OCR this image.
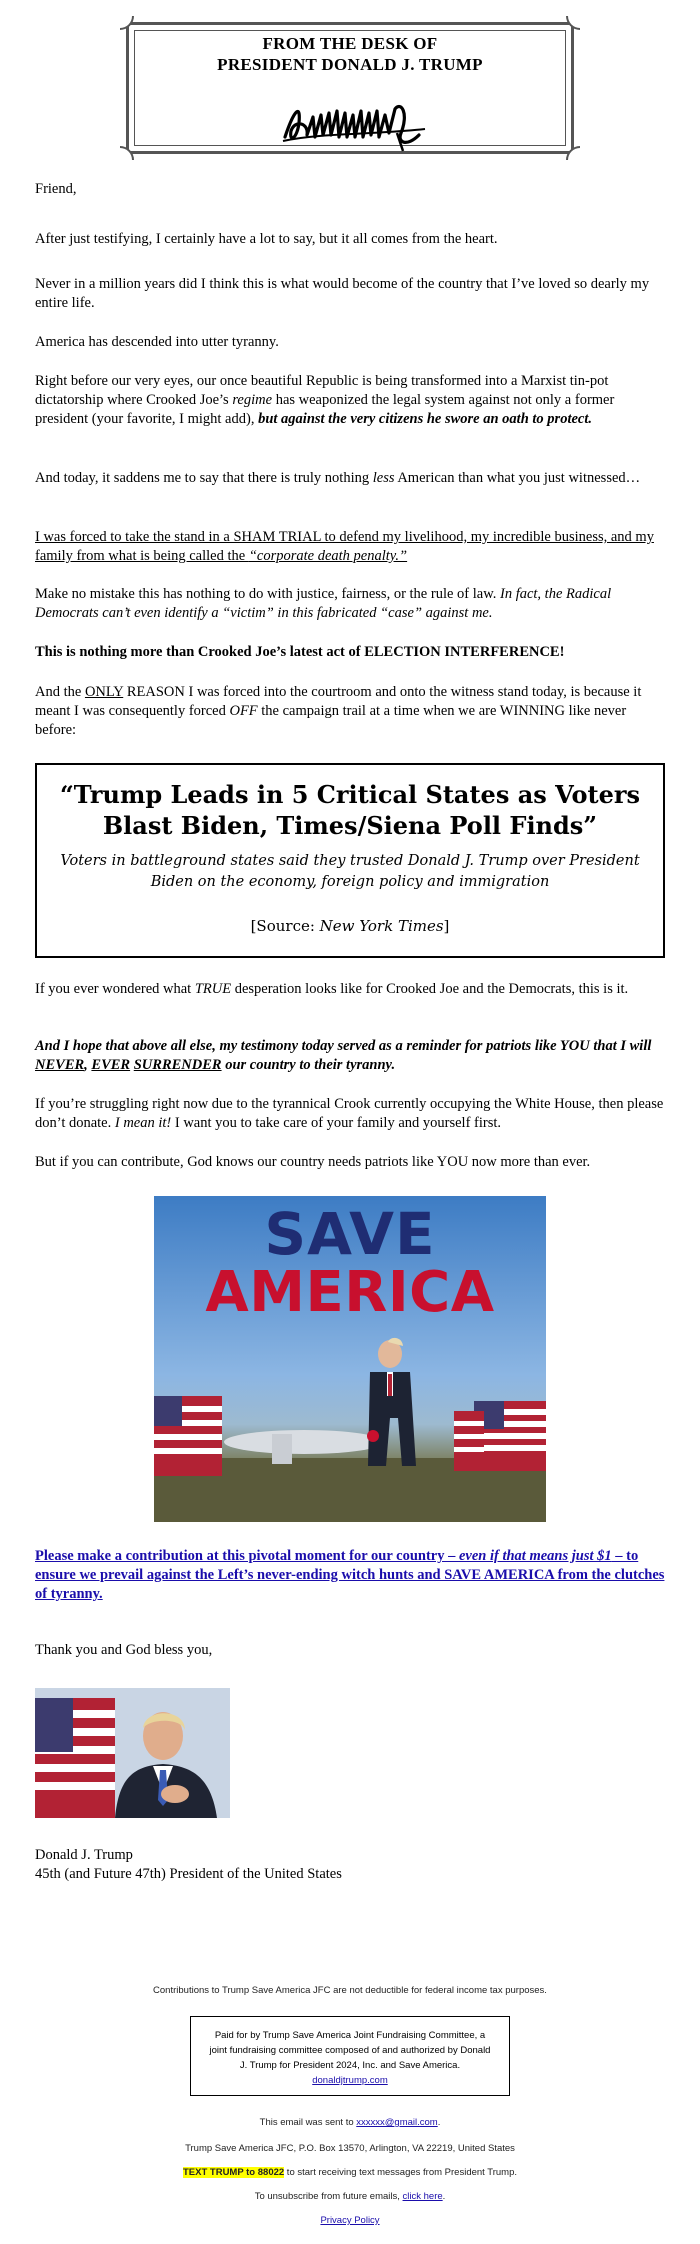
FROM THE DESK OF
PRESIDENT DONALD J. TRUMP
Friend,
After just testifying, I certainly have a lot to say, but it all comes from the heart.
Never in a million years did I think this is what would become of the country that I’ve loved so dearly my entire life.
America has descended into utter tyranny.
Right before our very eyes, our once beautiful Republic is being transformed into a Marxist tin-pot dictatorship where Crooked Joe’s regime has weaponized the legal system against not only a former president (your favorite, I might add), but against the very citizens he swore an oath to protect.
And today, it saddens me to say that there is truly nothing less American than what you just witnessed…
I was forced to take the stand in a SHAM TRIAL to defend my livelihood, my incredible business, and my family from what is being called the “corporate death penalty.”
Make no mistake this has nothing to do with justice, fairness, or the rule of law. In fact, the Radical Democrats can’t even identify a “victim” in this fabricated “case” against me.
This is nothing more than Crooked Joe’s latest act of ELECTION INTERFERENCE!
And the ONLY REASON I was forced into the courtroom and onto the witness stand today, is because it meant I was consequently forced OFF the campaign trail at a time when we are WINNING like never before:
“Trump Leads in 5 Critical States as Voters Blast Biden, Times/Siena Poll Finds”
Voters in battleground states said they trusted Donald J. Trump over President Biden on the economy, foreign policy and immigration
[Source: New York Times]
If you ever wondered what TRUE desperation looks like for Crooked Joe and the Democrats, this is it.
And I hope that above all else, my testimony today served as a reminder for patriots like YOU that I will NEVER, EVER SURRENDER our country to their tyranny.
If you’re struggling right now due to the tyrannical Crook currently occupying the White House, then please don’t donate. I mean it! I want you to take care of your family and yourself first.
But if you can contribute, God knows our country needs patriots like YOU now more than ever.
SAVE
AMERICA
Please make a contribution at this pivotal moment for our country – even if that means just $1 – to ensure we prevail against the Left’s never-ending witch hunts and SAVE AMERICA from the clutches of tyranny.
Thank you and God bless you,
Donald J. Trump
45th (and Future 47th) President of the United States
Contributions to Trump Save America JFC are not deductible for federal income tax purposes.
Paid for by Trump Save America Joint Fundraising Committee, a joint fundraising committee composed of and authorized by Donald J. Trump for President 2024, Inc. and Save America.
donaldjtrump.com
This email was sent to xxxxxx@gmail.com.
Trump Save America JFC, P.O. Box 13570, Arlington, VA 22219, United States
TEXT TRUMP to 88022 to start receiving text messages from President Trump.
To unsubscribe from future emails, click here.
Privacy Policy
